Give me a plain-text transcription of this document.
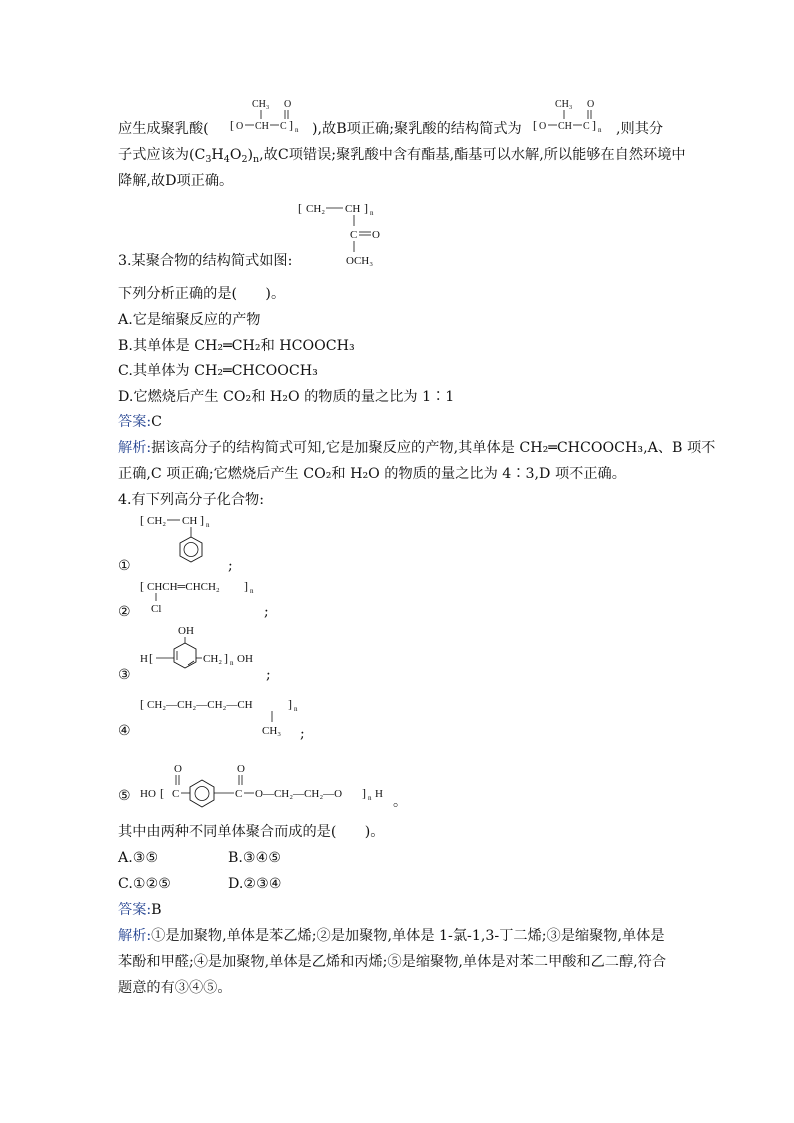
应生成聚乳酸(	),故B项正确;聚乳酸的结构简式为	,则其分
CH₃ O
[ O CH C ] n
CH₃ O
[ O CH C ] n
子式应该为$(C_3H_4O_2)_n$,故C项错误;聚乳酸中含有酯基,酯基可以水解,所以能够在自然环境中
降解,故D项正确。
[ CH₂ CH ] n
C O
OCH₃
3.某聚合物的结构简式如图:
下列分析正确的是(　　)。
A.它是缩聚反应的产物
B.其单体是 CH₂═CH₂和 HCOOCH₃
C.其单体为 CH₂═CHCOOCH₃
D.它燃烧后产生 CO₂和 H₂O 的物质的量之比为 1∶1
答案:C
解析:据该高分子的结构简式可知,它是加聚反应的产物,其单体是 CH₂═CHCOOCH₃,A、B 项不
正确,C 项正确;它燃烧后产生 CO₂和 H₂O 的物质的量之比为 4∶3,D 项不正确。
4.有下列高分子化合物:
[ CH₂ CH ] n
①	;
[ CHCH═CHCH₂ ] n
Cl
②	;
OH
H [	CH₂ ] n OH
③	;
[ CH₂—CH₂—CH₂—CH	] n
CH₃
④	;
O	O
HO [ C	C O—CH₂—CH₂—O ] n H
⑤	。
其中由两种不同单体聚合而成的是(　　)。
A.③⑤	B.③④⑤
C.①②⑤	D.②③④
答案:B
解析:①是加聚物,单体是苯乙烯;②是加聚物,单体是 1-氯-1,3-丁二烯;③是缩聚物,单体是
苯酚和甲醛;④是加聚物,单体是乙烯和丙烯;⑤是缩聚物,单体是对苯二甲酸和乙二醇,符合
题意的有③④⑤。
